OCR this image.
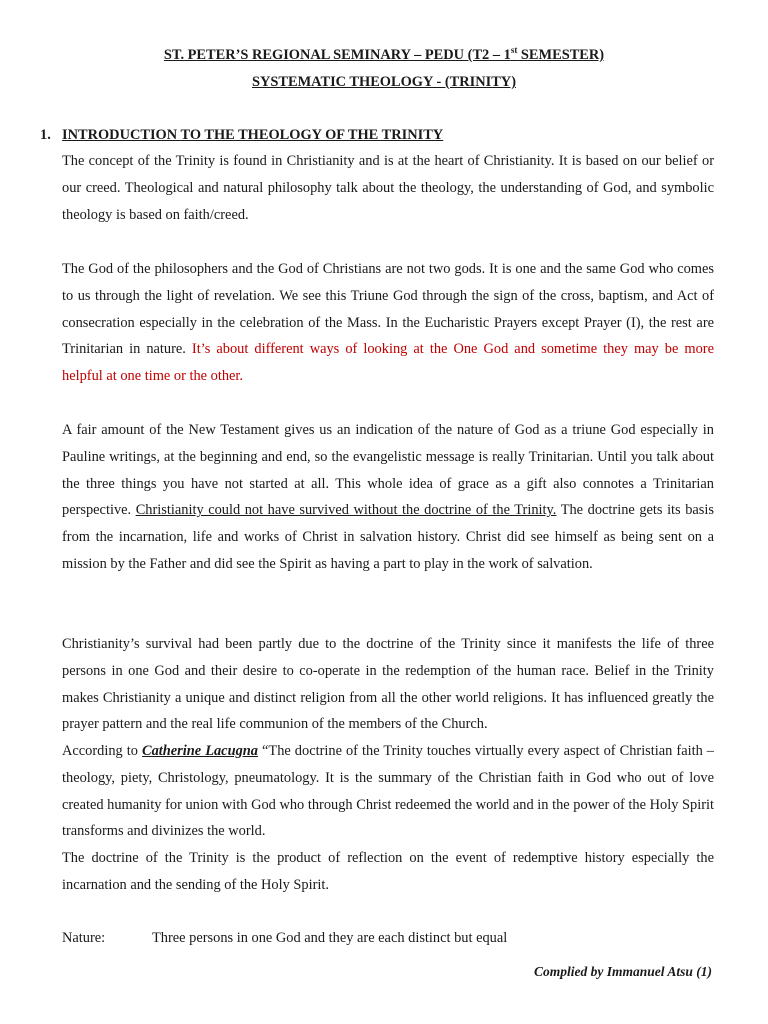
ST. PETER’S REGIONAL SEMINARY – PEDU (T2 – 1st SEMESTER)
SYSTEMATIC THEOLOGY - (TRINITY)
1. INTRODUCTION TO THE THEOLOGY OF THE TRINITY

The concept of the Trinity is found in Christianity and is at the heart of Christianity. It is based on our belief or our creed. Theological and natural philosophy talk about the theology, the understanding of God, and symbolic theology is based on faith/creed.

The God of the philosophers and the God of Christians are not two gods. It is one and the same God who comes to us through the light of revelation. We see this Triune God through the sign of the cross, baptism, and Act of consecration especially in the celebration of the Mass. In the Eucharistic Prayers except Prayer (I), the rest are Trinitarian in nature. It’s about different ways of looking at the One God and sometime they may be more helpful at one time or the other.

A fair amount of the New Testament gives us an indication of the nature of God as a triune God especially in Pauline writings, at the beginning and end, so the evangelistic message is really Trinitarian. Until you talk about the three things you have not started at all. This whole idea of grace as a gift also connotes a Trinitarian perspective. Christianity could not have survived without the doctrine of the Trinity. The doctrine gets its basis from the incarnation, life and works of Christ in salvation history. Christ did see himself as being sent on a mission by the Father and did see the Spirit as having a part to play in the work of salvation.

Christianity’s survival had been partly due to the doctrine of the Trinity since it manifests the life of three persons in one God and their desire to co-operate in the redemption of the human race. Belief in the Trinity makes Christianity a unique and distinct religion from all the other world religions. It has influenced greatly the prayer pattern and the real life communion of the members of the Church.

According to Catherine Lacugna “The doctrine of the Trinity touches virtually every aspect of Christian faith – theology, piety, Christology, pneumatology. It is the summary of the Christian faith in God who out of love created humanity for union with God who through Christ redeemed the world and in the power of the Holy Spirit transforms and divinizes the world.

The doctrine of the Trinity is the product of reflection on the event of redemptive history especially the incarnation and the sending of the Holy Spirit.

Nature:	Three persons in one God and they are each distinct but equal
Complied by Immanuel Atsu (1)
